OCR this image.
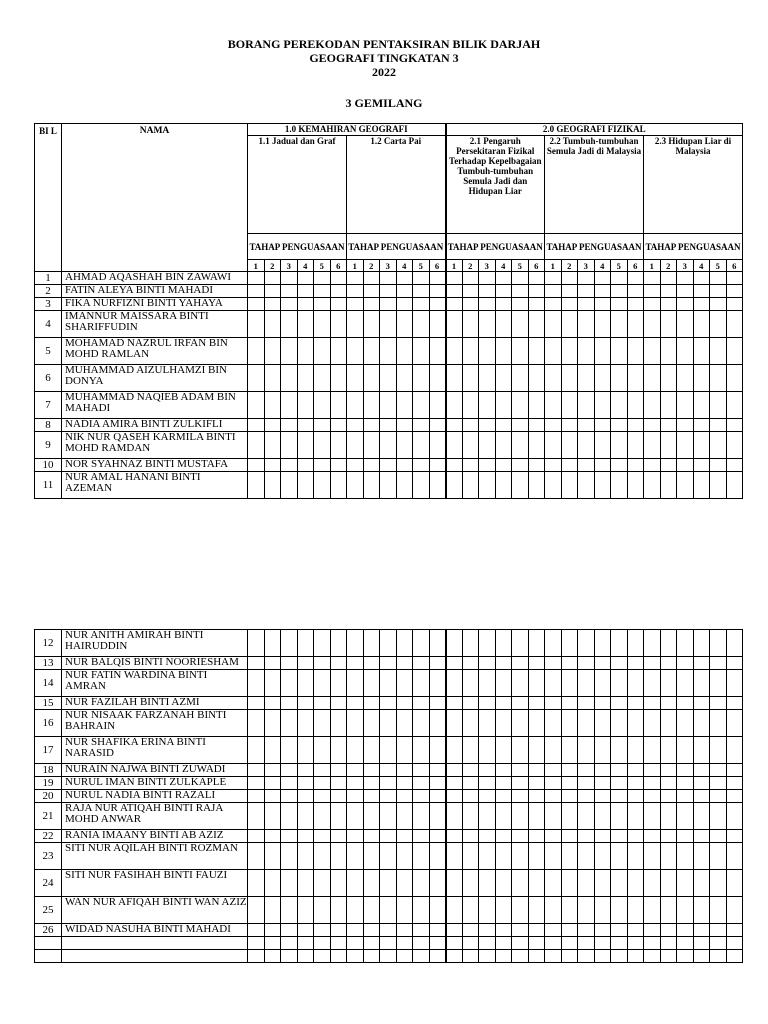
BORANG PEREKODAN PENTAKSIRAN BILIK DARJAH
GEOGRAFI TINGKATAN 3
2022
3 GEMILANG
BI L	NAMA	1.0 KEMAHIRAN GEOGRAFI												2.0 GEOGRAFI FIZIKAL																	
		1.1 Jadual dan Graf						1.2 Carta Pai						2.1 Pengaruh Persekitaran Fizikal Terhadap Kepelbagaian Tumbuh-tumbuhan Semula Jadi dan Hidupan Liar						2.2 Tumbuh-tumbuhan Semula Jadi di Malaysia						2.3 Hidupan Liar di Malaysia					
		TAHAP PENGUASAAN						TAHAP PENGUASAAN						TAHAP PENGUASAAN						TAHAP PENGUASAAN						TAHAP PENGUASAAN					
		1	2	3	4	5	6	1	2	3	4	5	6	1	2	3	4	5	6	1	2	3	4	5	6	1	2	3	4	5	6
1	AHMAD AQASHAH BIN ZAWAWI																														
2	FATIN ALEYA BINTI MAHADI																														
3	FIKA NURFIZNI BINTI YAHAYA																														
4	IMANNUR MAISSARA BINTI SHARIFFUDIN																														
5	MOHAMAD NAZRUL IRFAN BIN MOHD RAMLAN																														
6	MUHAMMAD AIZULHAMZI BIN DONYA																														
7	MUHAMMAD NAQIEB ADAM BIN MAHADI																														
8	NADIA AMIRA BINTI ZULKIFLI																														
9	NIK NUR QASEH KARMILA BINTI MOHD RAMDAN																														
10	NOR SYAHNAZ BINTI MUSTAFA																														
11	NUR AMAL HANANI BINTI AZEMAN																														
12	NUR ANITH AMIRAH BINTI HAIRUDDIN																														
13	NUR BALQIS BINTI NOORIESHAM																														
14	NUR FATIN WARDINA BINTI AMRAN																														
15	NUR FAZILAH BINTI AZMI																														
16	NUR NISAAK FARZANAH BINTI BAHRAIN																														
17	NUR SHAFIKA ERINA BINTI NARASID																														
18	NURAIN NAJWA BINTI ZUWADI																														
19	NURUL IMAN BINTI ZULKAPLE																														
20	NURUL NADIA BINTI RAZALI																														
21	RAJA NUR ATIQAH BINTI RAJA MOHD ANWAR																														
22	RANIA IMAANY BINTI AB AZIZ																														
23	SITI NUR AQILAH BINTI ROZMAN																														
24	SITI NUR FASIHAH BINTI FAUZI																														
25	WAN NUR AFIQAH BINTI WAN AZIZ																														
26	WIDAD NASUHA BINTI MAHADI																														
